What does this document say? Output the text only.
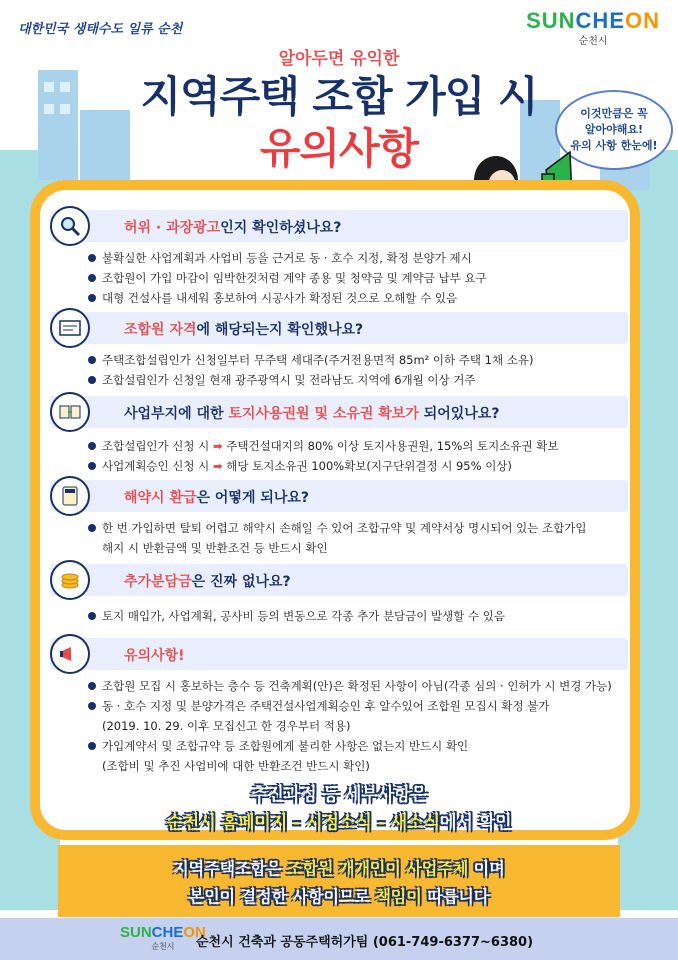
대한민국 생태수도 일류 순천	SUNCHEON
순천시
알아두면 유익한
지역주택 조합 가입 시
유의사항
이것만큼은 꼭
알아야해요!
유의 사항 한눈에!
허위 · 과장광고인지 확인하셨나요?
불확실한 사업계획과 사업비 등을 근거로 동 · 호수 지정, 확정 분양가 제시
조합원이 가입 마감이 임박한것처럼 계약 종용 및 청약금 및 계약금 납부 요구
대형 건설사를 내세워 홍보하여 시공사가 확정된 것으로 오해할 수 있음
조합원 자격에 해당되는지 확인했나요?
주택조합설립인가 신청일부터 무주택 세대주(주거전용면적 85m² 이하 주택 1채 소유)
조합설립인가 신청일 현재 광주광역시 및 전라남도 지역에 6개월 이상 거주
사업부지에 대한 토지사용권원 및 소유권 확보가 되어있나요?
조합설립인가 신청 시 ➡ 주택건설대지의 80% 이상 토지사용권원, 15%의 토지소유권 확보
사업계획승인 신청 시 ➡ 해당 토지소유권 100%확보(지구단위결정 시 95% 이상)
해약시 환급은 어떻게 되나요?
한 번 가입하면 탈퇴 어렵고 해약시 손해일 수 있어 조합규약 및 계약서상 명시되어 있는 조합가입
해지 시 반환금액 및 반환조건 등 반드시 확인
추가분담금은 진짜 없나요?
토지 매입가, 사업계획, 공사비 등의 변동으로 각종 추가 분담금이 발생할 수 있음
유의사항!
조합원 모집 시 홍보하는 층수 등 건축계획(안)은 확정된 사항이 아님(각종 심의 · 인허가 시 변경 가능)
동 · 호수 지정 및 분양가격은 주택건설사업계획승인 후 알수있어 조합원 모집시 확정 불가
(2019. 10. 29. 이후 모집신고 한 경우부터 적용)
가입계약서 및 조합규약 등 조합원에게 불리한 사항은 없는지 반드시 확인
(조합비 및 추진 사업비에 대한 반환조건 반드시 확인)
추진과정 등 세부사항은
순천시 홈페이지 - 시정소식 - 새소식에서 확인
지역주택조합은 조합원 개개인이 사업주체 이며
본인이 결정한 사항이므로 책임이 따릅니다
SUNCHEON
순천시	순천시 건축과 공동주택허가팀 (061-749-6377~6380)
